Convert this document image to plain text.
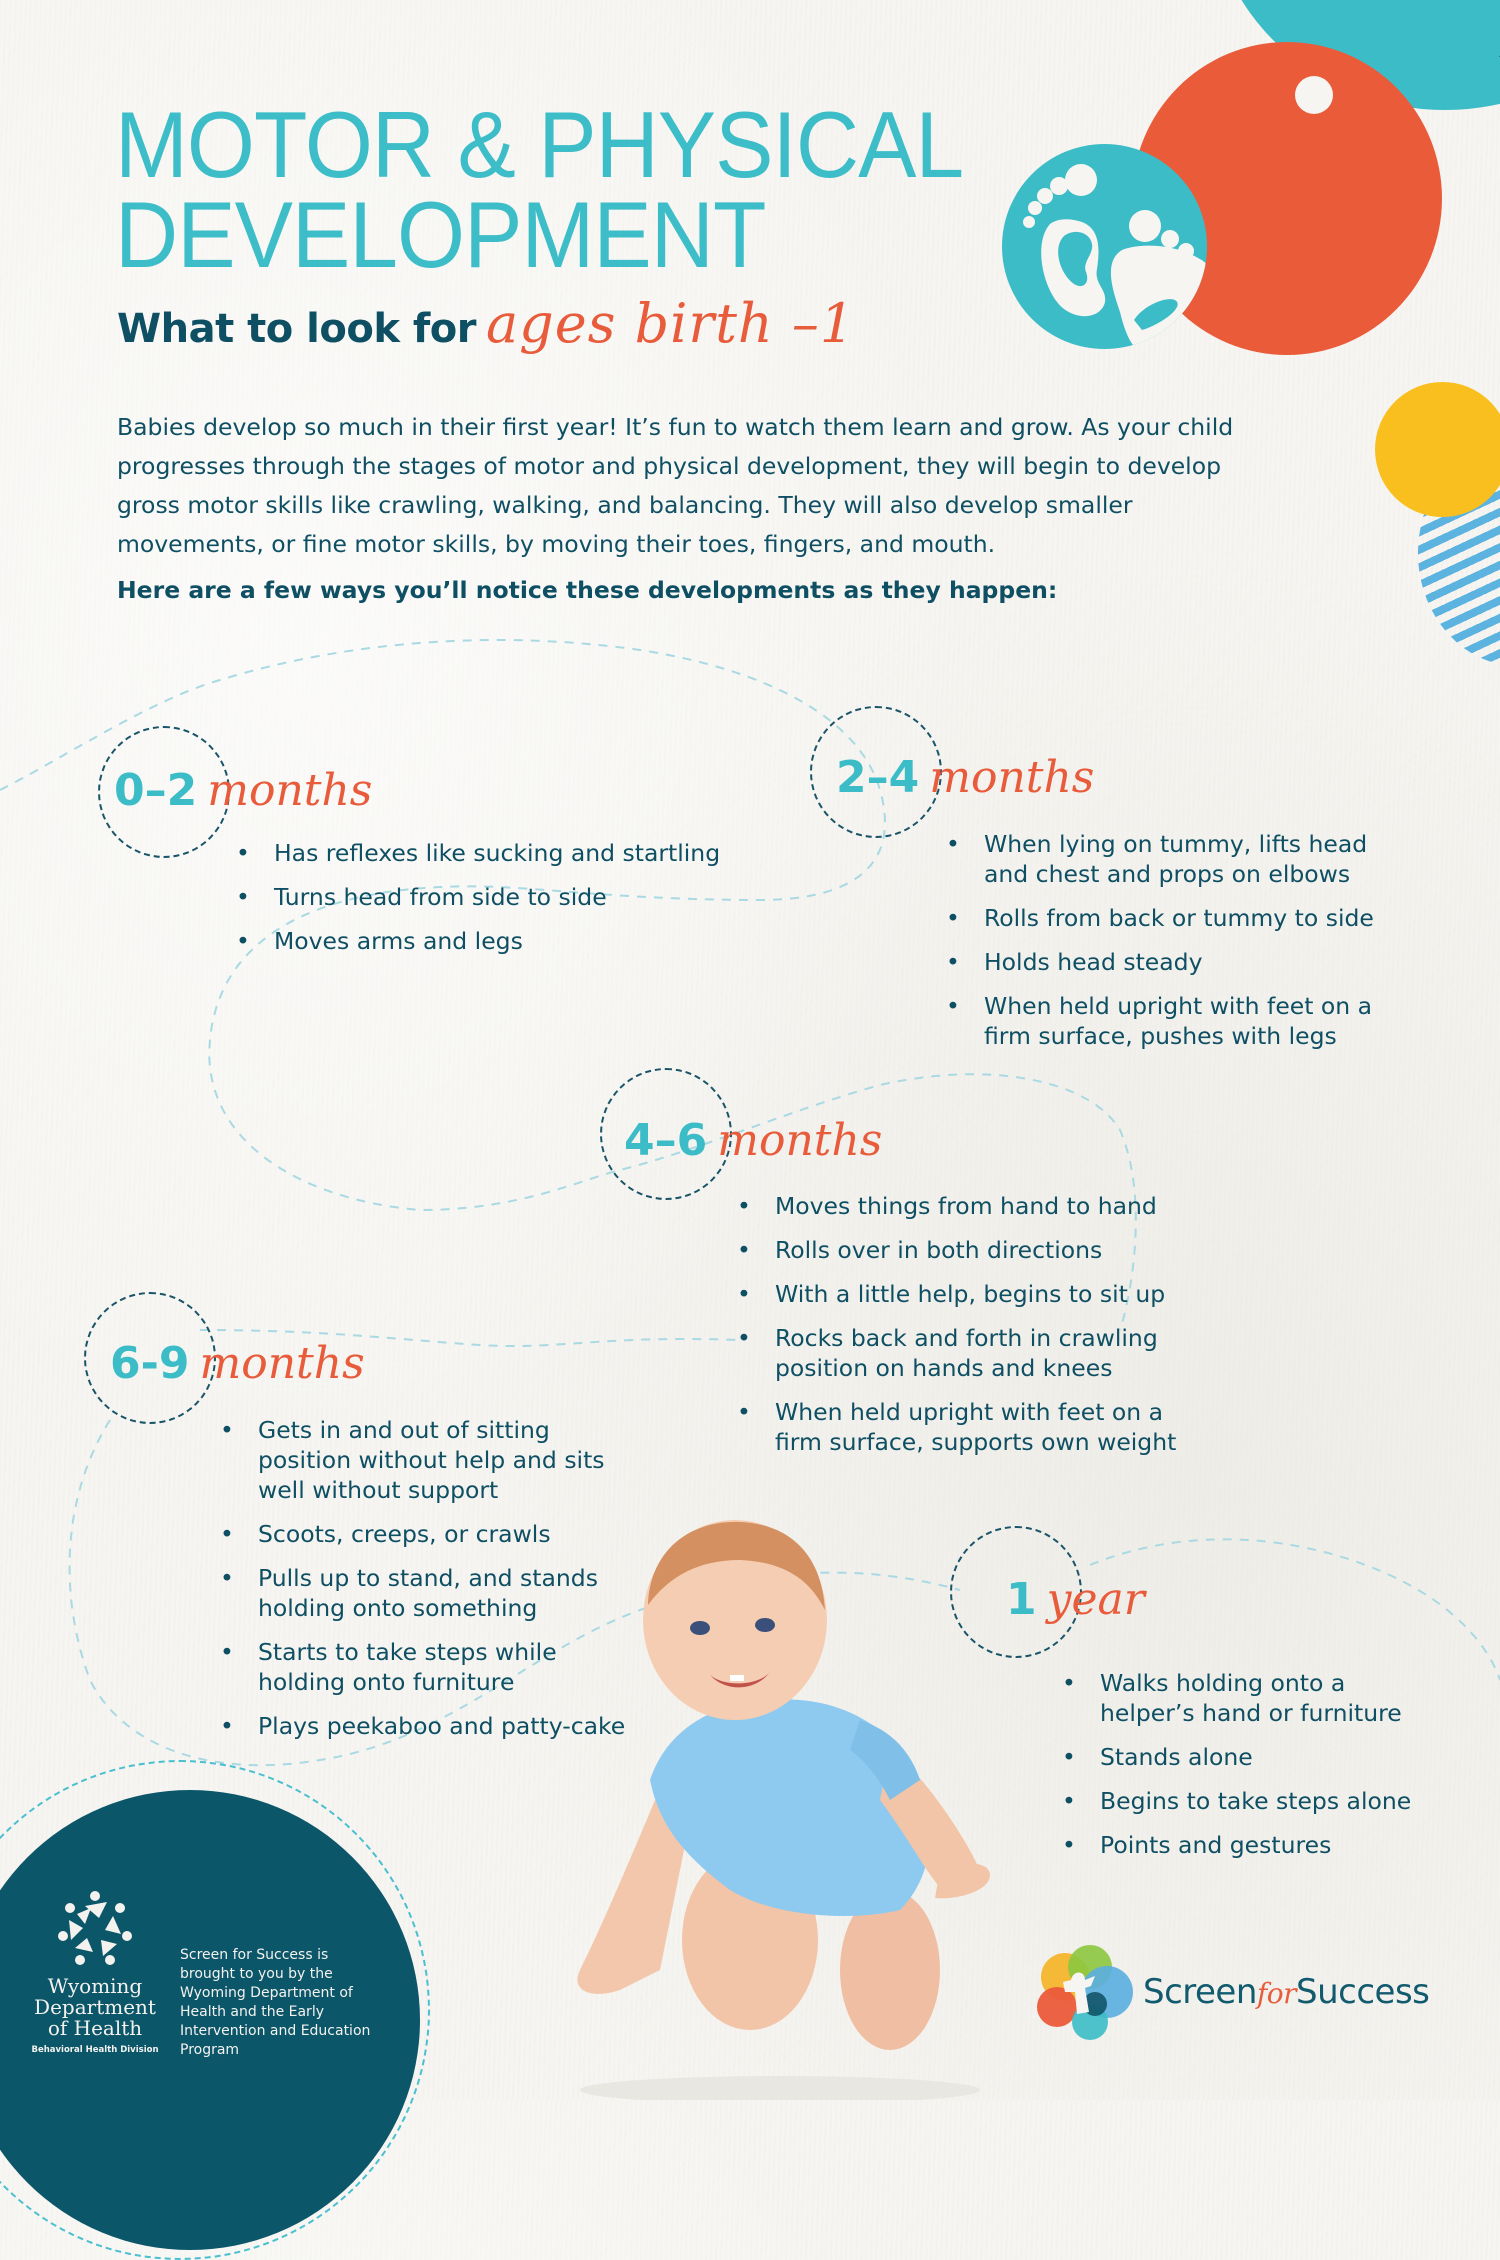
MOTOR & PHYSICAL
DEVELOPMENT
What to look for ages birth –1

Babies develop so much in their first year! It’s fun to watch them learn and grow. As your child progresses through the stages of motor and physical development, they will begin to develop gross motor skills like crawling, walking, and balancing. They will also develop smaller movements, or fine motor skills, by moving their toes, fingers, and mouth.

Here are a few ways you’ll notice these developments as they happen:

0–2 months
• Has reflexes like sucking and startling
• Turns head from side to side
• Moves arms and legs
2–4 months
• When lying on tummy, lifts head and chest and props on elbows
• Rolls from back or tummy to side
• Holds head steady
• When held upright with feet on a firm surface, pushes with legs
4–6 months
• Moves things from hand to hand
• Rolls over in both directions
• With a little help, begins to sit up
• Rocks back and forth in crawling position on hands and knees
• When held upright with feet on a firm surface, supports own weight
6-9 months
• Gets in and out of sitting position without help and sits well without support
• Scoots, creeps, or crawls
• Pulls up to stand, and stands holding onto something
• Starts to take steps while holding onto furniture
• Plays peekaboo and patty-cake
1 year
• Walks holding onto a helper’s hand or furniture
• Stands alone
• Begins to take steps alone
• Points and gestures
Wyoming
Department
of Health
Behavioral Health Division
Screen for Success is brought to you by the Wyoming Department of Health and the Early Intervention and Education Program
ScreenforSuccess
